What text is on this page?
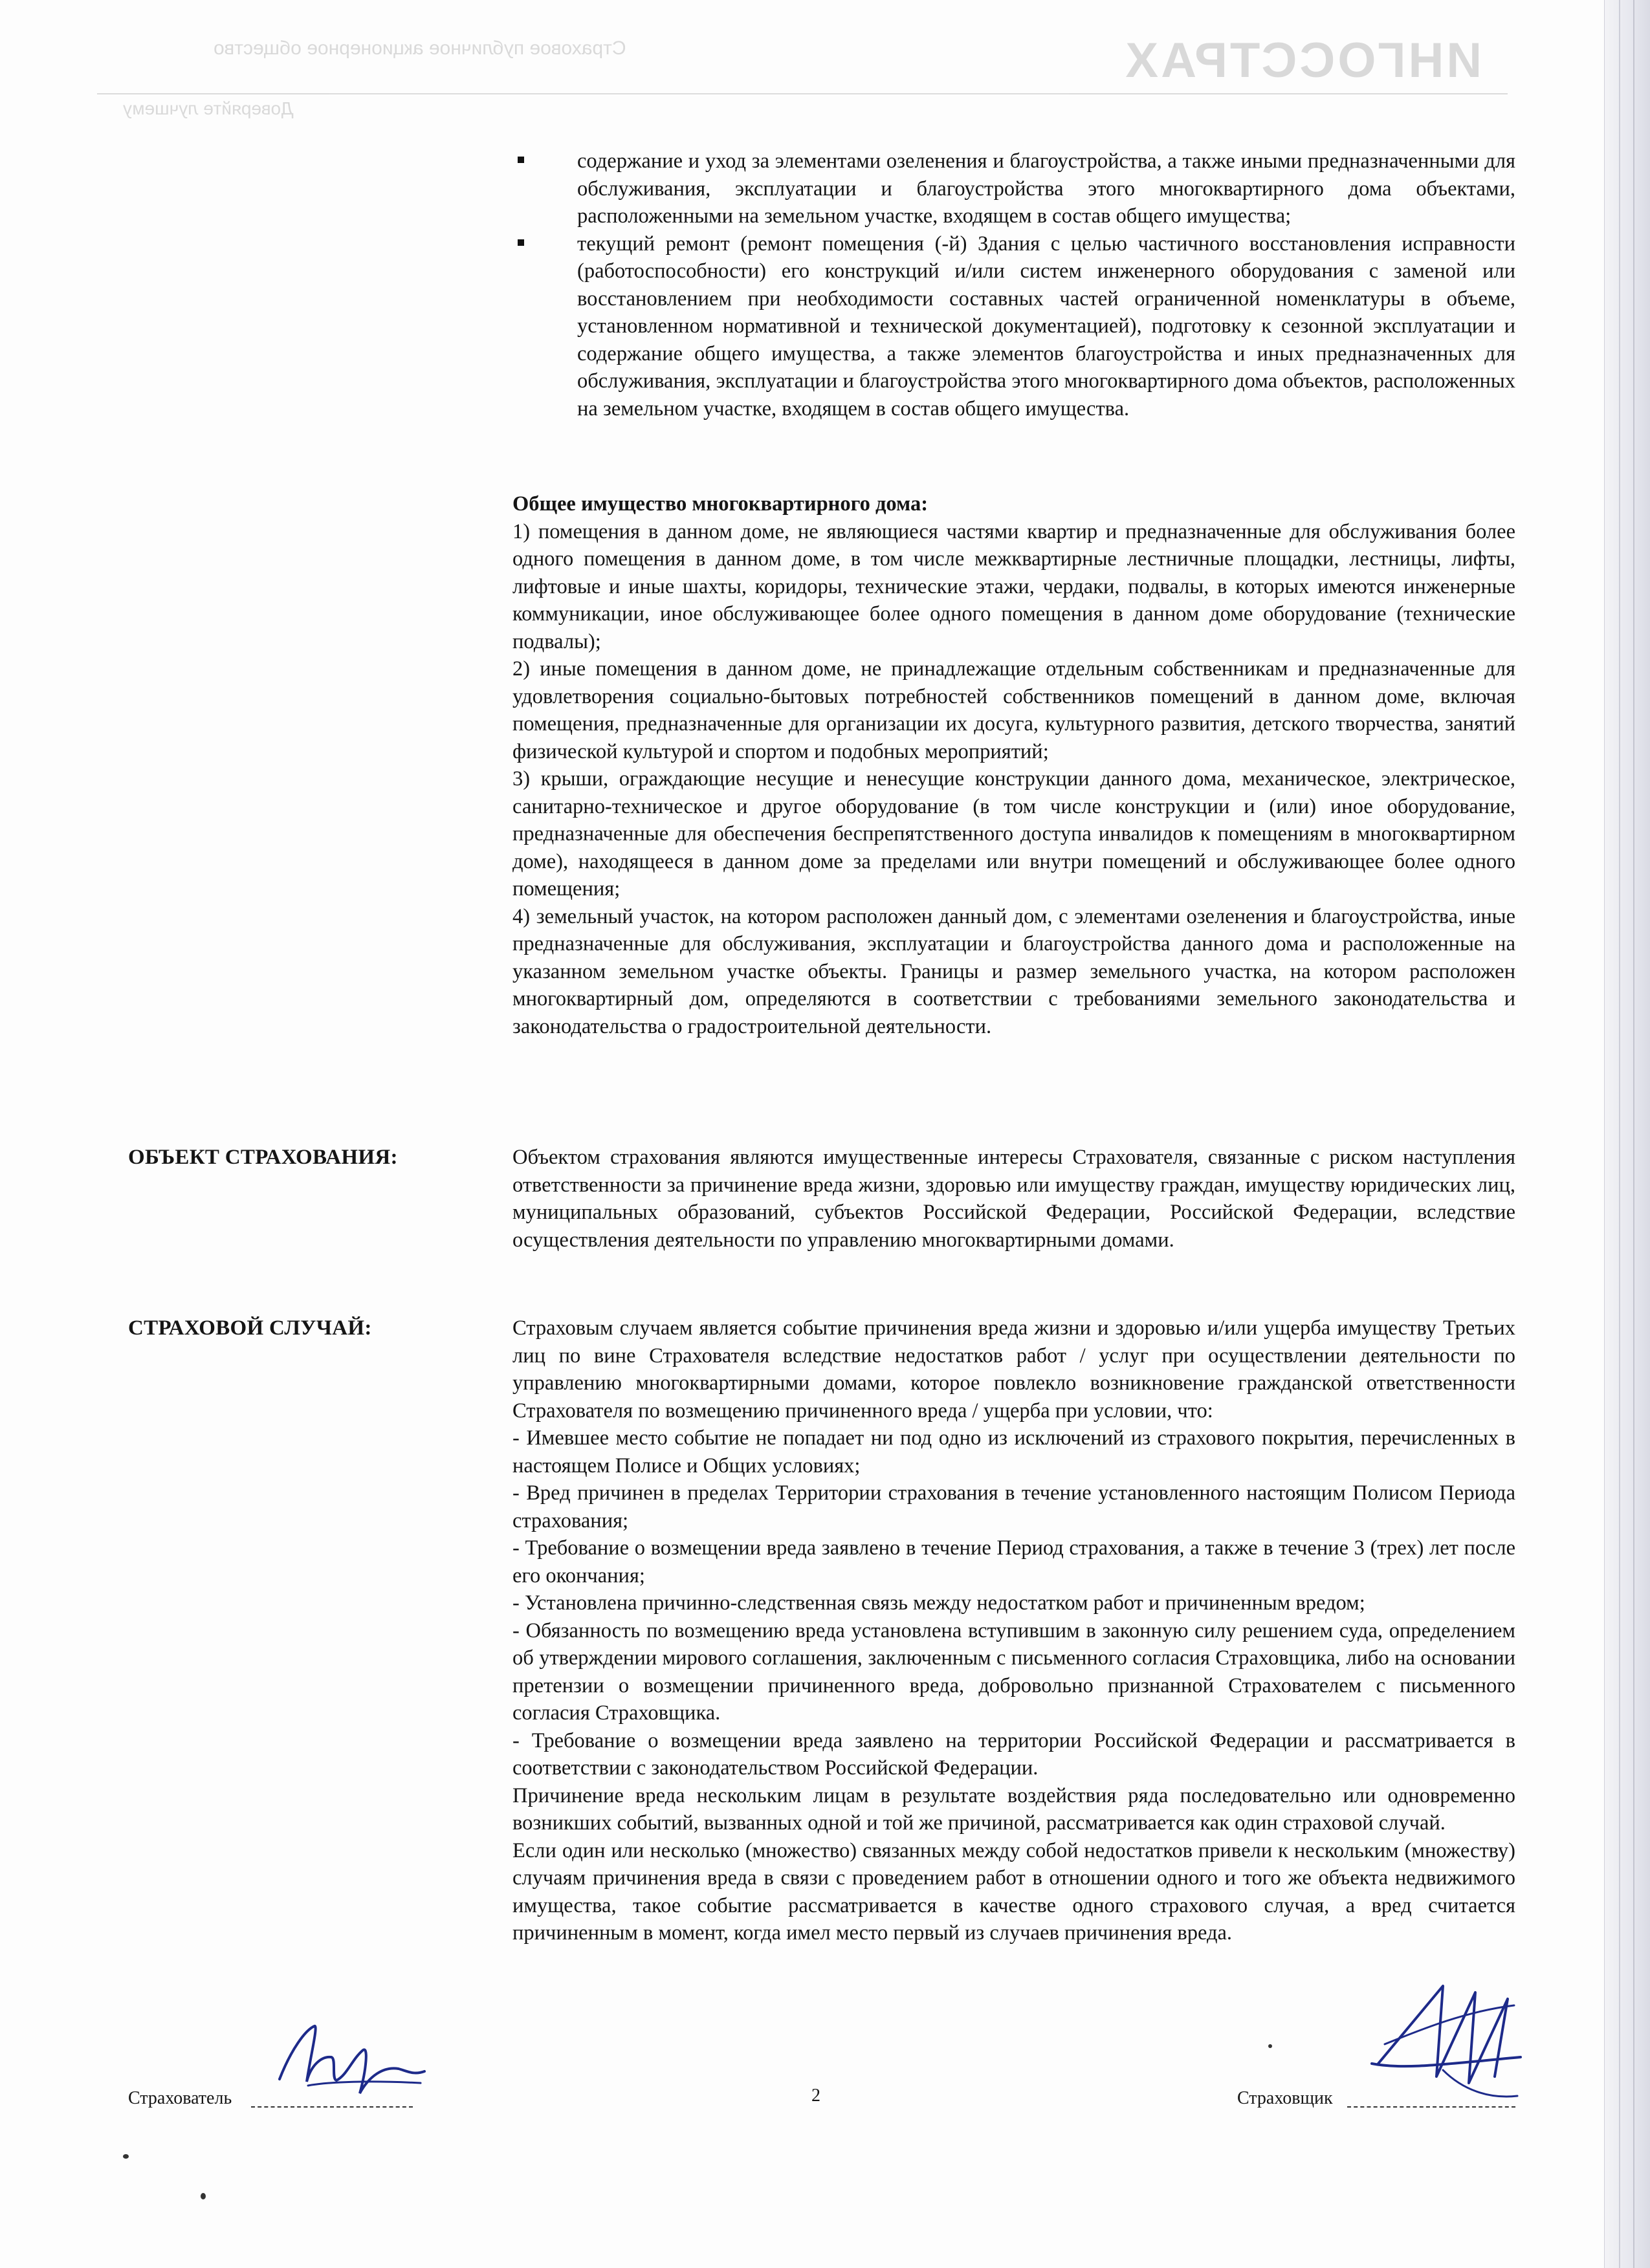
ИНГОССТРАХ
Страховое публичное акционерное общество
Доверяйте лучшему

содержание и уход за элементами озеленения и благоустройства, а также иными предназначенными для обслуживания, эксплуатации и благоустройства этого многоквартирного дома объектами, расположенными на земельном участке, входящем в состав общего имущества;

текущий ремонт (ремонт помещения (-й) Здания с целью частичного восстановления исправности (работоспособности) его конструкций и/или систем инженерного оборудования с заменой или восстановлением при необходимости составных частей ограниченной номенклатуры в объеме, установленном нормативной и технической документацией), подготовку к сезонной эксплуатации и содержание общего имущества, а также элементов благоустройства и иных предназначенных для обслуживания, эксплуатации и благоустройства этого многоквартирного дома объектов, расположенных на земельном участке, входящем в состав общего имущества.

Общее имущество многоквартирного дома:

1) помещения в данном доме, не являющиеся частями квартир и предназначенные для обслуживания более одного помещения в данном доме, в том числе межквартирные лестничные площадки, лестницы, лифты, лифтовые и иные шахты, коридоры, технические этажи, чердаки, подвалы, в которых имеются инженерные коммуникации, иное обслуживающее более одного помещения в данном доме оборудование (технические подвалы);

2) иные помещения в данном доме, не принадлежащие отдельным собственникам и предназначенные для удовлетворения социально-бытовых потребностей собственников помещений в данном доме, включая помещения, предназначенные для организации их досуга, культурного развития, детского творчества, занятий физической культурой и спортом и подобных мероприятий;

3) крыши, ограждающие несущие и ненесущие конструкции данного дома, механическое, электрическое, санитарно-техническое и другое оборудование (в том числе конструкции и (или) иное оборудование, предназначенные для обеспечения беспрепятственного доступа инвалидов к помещениям в многоквартирном доме), находящееся в данном доме за пределами или внутри помещений и обслуживающее более одного помещения;

4) земельный участок, на котором расположен данный дом, с элементами озеленения и благоустройства, иные предназначенные для обслуживания, эксплуатации и благоустройства данного дома и расположенные на указанном земельном участке объекты. Границы и размер земельного участка, на котором расположен многоквартирный дом, определяются в соответствии с требованиями земельного законодательства и законодательства о градостроительной деятельности.

ОБЪЕКТ СТРАХОВАНИЯ:	Объектом страхования являются имущественные интересы Страхователя, связанные с риском наступления ответственности за причинение вреда жизни, здоровью или имуществу граждан, имуществу юридических лиц, муниципальных образований, субъектов Российской Федерации, Российской Федерации, вследствие осуществления деятельности по управлению многоквартирными домами.

СТРАХОВОЙ СЛУЧАЙ:	Страховым случаем является событие причинения вреда жизни и здоровью и/или ущерба имуществу Третьих лиц по вине Страхователя вследствие недостатков работ / услуг при осуществлении деятельности по управлению многоквартирными домами, которое повлекло возникновение гражданской ответственности Страхователя по возмещению причиненного вреда / ущерба при условии, что:

- Имевшее место событие не попадает ни под одно из исключений из страхового покрытия, перечисленных в настоящем Полисе и Общих условиях;

- Вред причинен в пределах Территории страхования в течение установленного настоящим Полисом Периода страхования;

- Требование о возмещении вреда заявлено в течение Период страхования, а также в течение 3 (трех) лет после его окончания;

- Установлена причинно-следственная связь между недостатком работ и причиненным вредом;

- Обязанность по возмещению вреда установлена вступившим в законную силу решением суда, определением об утверждении мирового соглашения, заключенным с письменного согласия Страховщика, либо на основании претензии о возмещении причиненного вреда, добровольно признанной Страхователем с письменного согласия Страховщика.

- Требование о возмещении вреда заявлено на территории Российской Федерации и рассматривается в соответствии с законодательством Российской Федерации.

Причинение вреда нескольким лицам в результате воздействия ряда последовательно или одновременно возникших событий, вызванных одной и той же причиной, рассматривается как один страховой случай.

Если один или несколько (множество) связанных между собой недостатков привели к нескольким (множеству) случаям причинения вреда в связи с проведением работ в отношении одного и того же объекта недвижимого имущества, такое событие рассматривается в качестве одного страхового случая, а вред считается причиненным в момент, когда имел место первый из случаев причинения вреда.

Страхователь	2	Страховщик
